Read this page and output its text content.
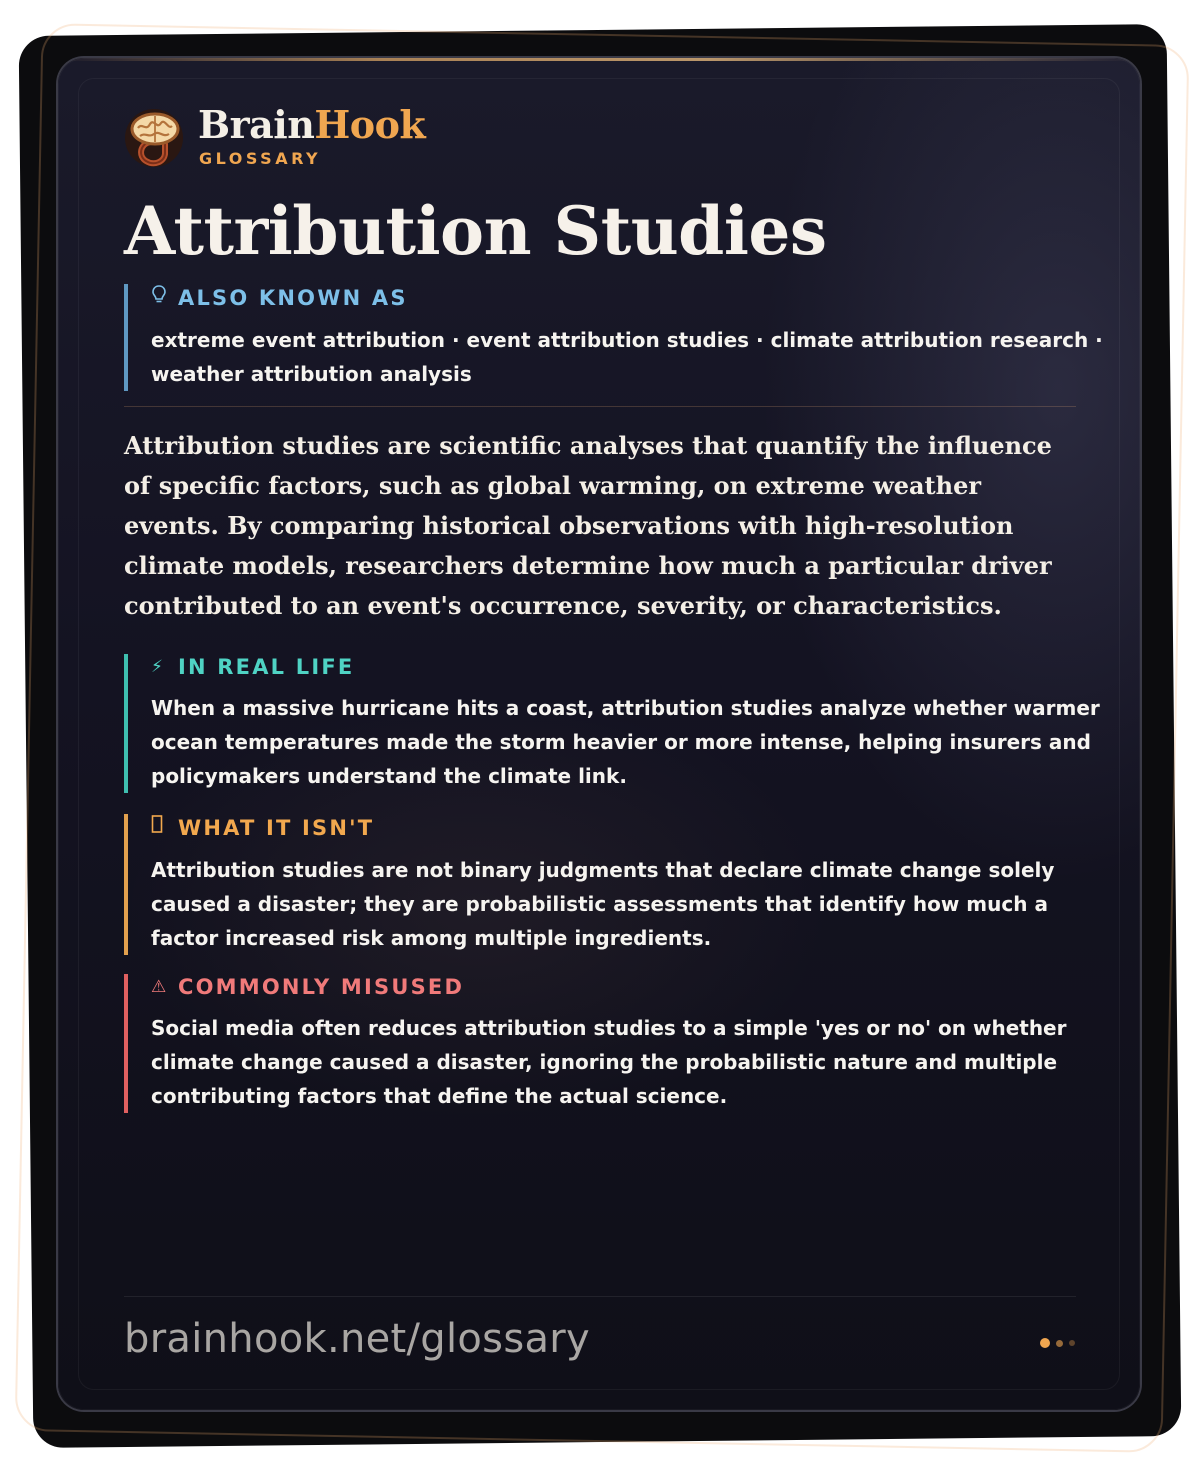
BrainHook
GLOSSARY
Attribution Studies
ALSO KNOWN AS
extreme event attribution · event attribution studies · climate attribution research · weather attribution analysis

Attribution studies are scientific analyses that quantify the influence of specific factors, such as global warming, on extreme weather events. By comparing historical observations with high-resolution climate models, researchers determine how much a particular driver contributed to an event's occurrence, severity, or characteristics.

⚡ IN REAL LIFE
When a massive hurricane hits a coast, attribution studies analyze whether warmer ocean temperatures made the storm heavier or more intense, helping insurers and policymakers understand the climate link.
WHAT IT ISN'T
Attribution studies are not binary judgments that declare climate change solely caused a disaster; they are probabilistic assessments that identify how much a factor increased risk among multiple ingredients.
⚠ COMMONLY MISUSED
Social media often reduces attribution studies to a simple 'yes or no' on whether climate change caused a disaster, ignoring the probabilistic nature and multiple contributing factors that define the actual science.
brainhook.net/glossary
